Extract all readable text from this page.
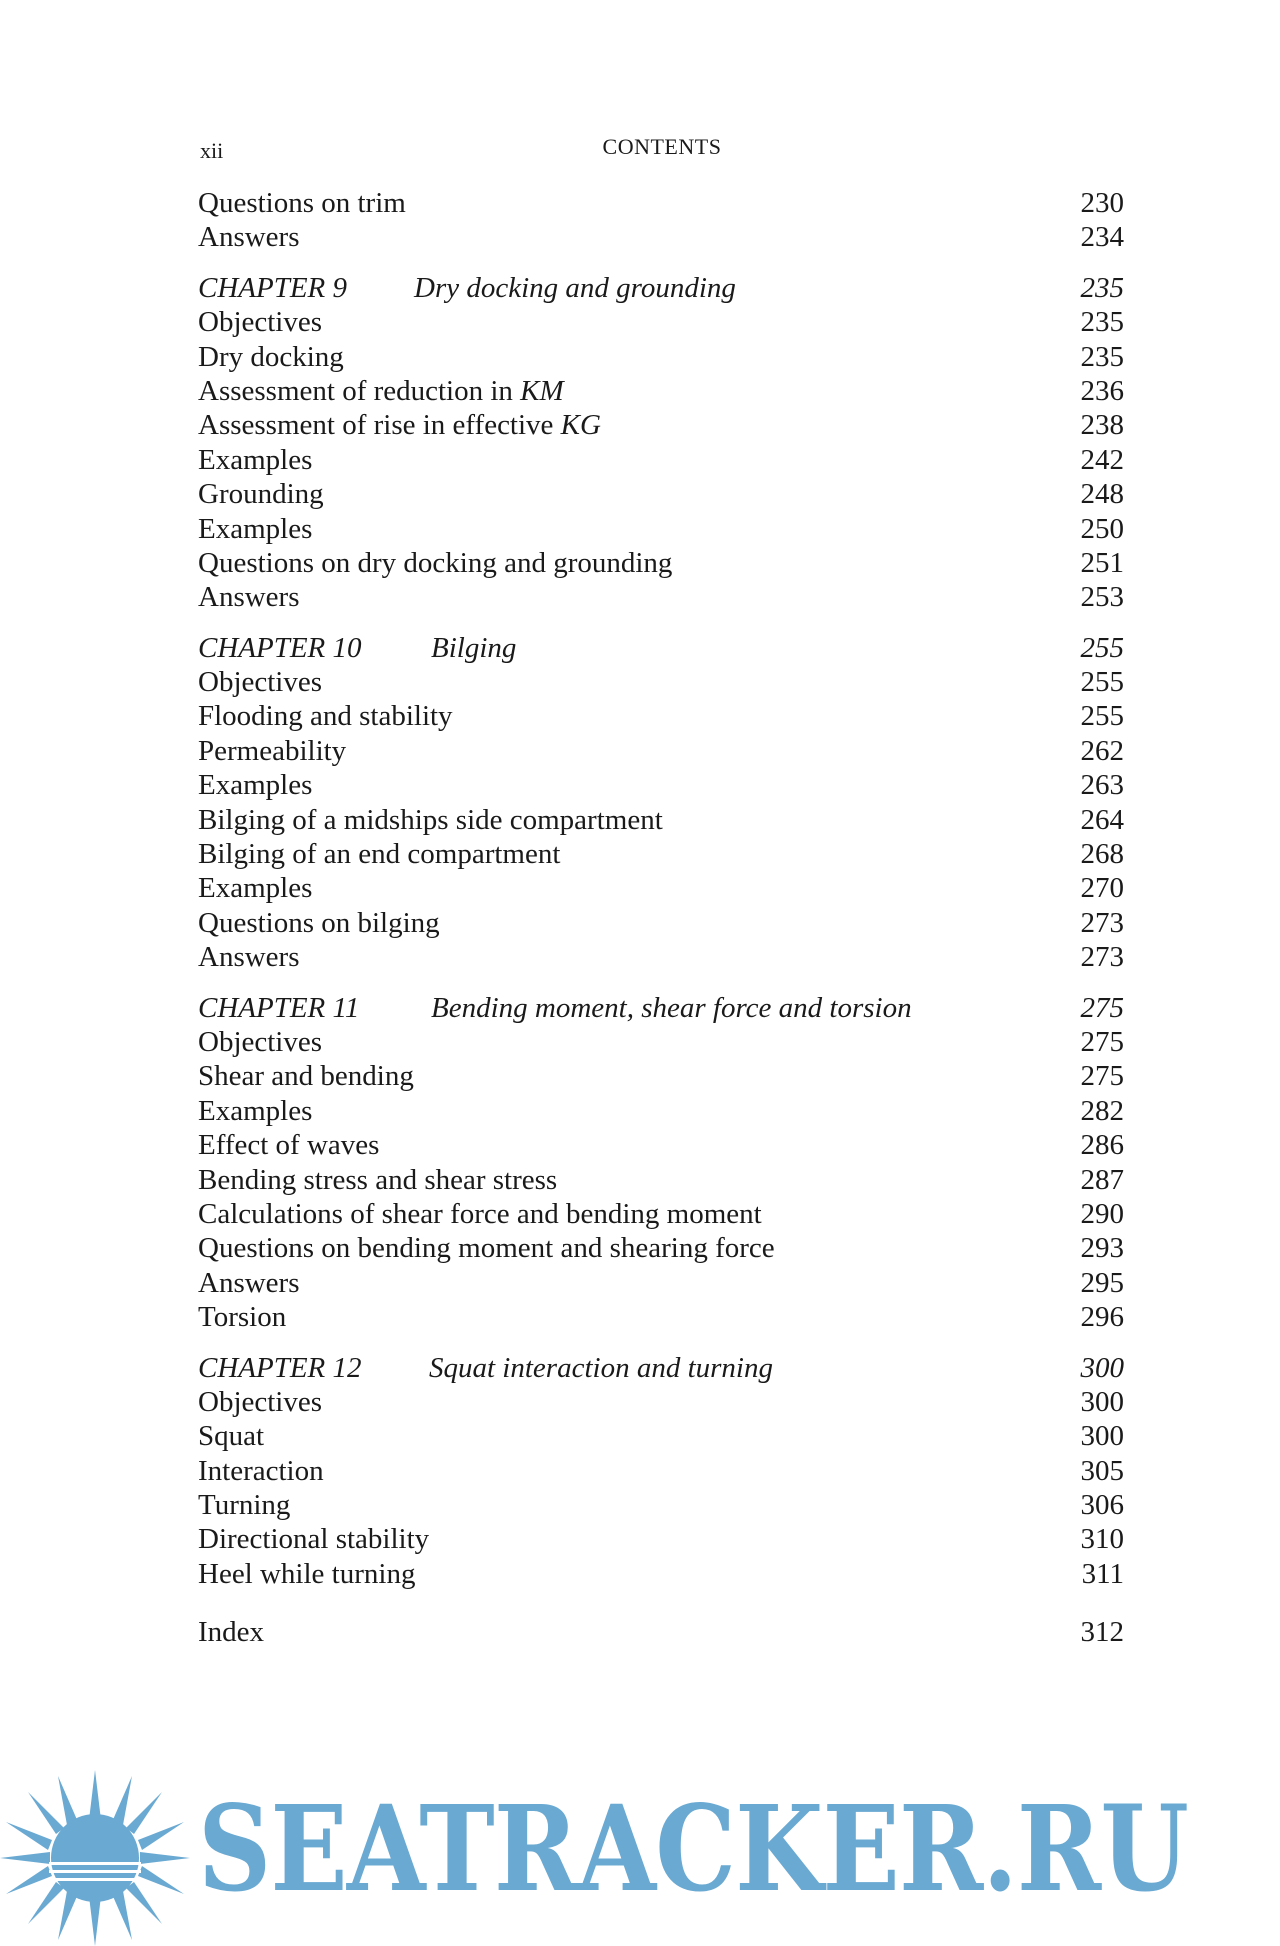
xii	CONTENTS
Questions on trim	230
Answers	234
CHAPTER 9 Dry docking and grounding	235
Objectives	235
Dry docking	235
Assessment of reduction in KM	236
Assessment of rise in effective KG	238
Examples	242
Grounding	248
Examples	250
Questions on dry docking and grounding	251
Answers	253
CHAPTER 10 Bilging	255
Objectives	255
Flooding and stability	255
Permeability	262
Examples	263
Bilging of a midships side compartment	264
Bilging of an end compartment	268
Examples	270
Questions on bilging	273
Answers	273
CHAPTER 11 Bending moment, shear force and torsion	275
Objectives	275
Shear and bending	275
Examples	282
Effect of waves	286
Bending stress and shear stress	287
Calculations of shear force and bending moment	290
Questions on bending moment and shearing force	293
Answers	295
Torsion	296
CHAPTER 12 Squat interaction and turning	300
Objectives	300
Squat	300
Interaction	305
Turning	306
Directional stability	310
Heel while turning	311
Index	312
SEATRACKER.RU
